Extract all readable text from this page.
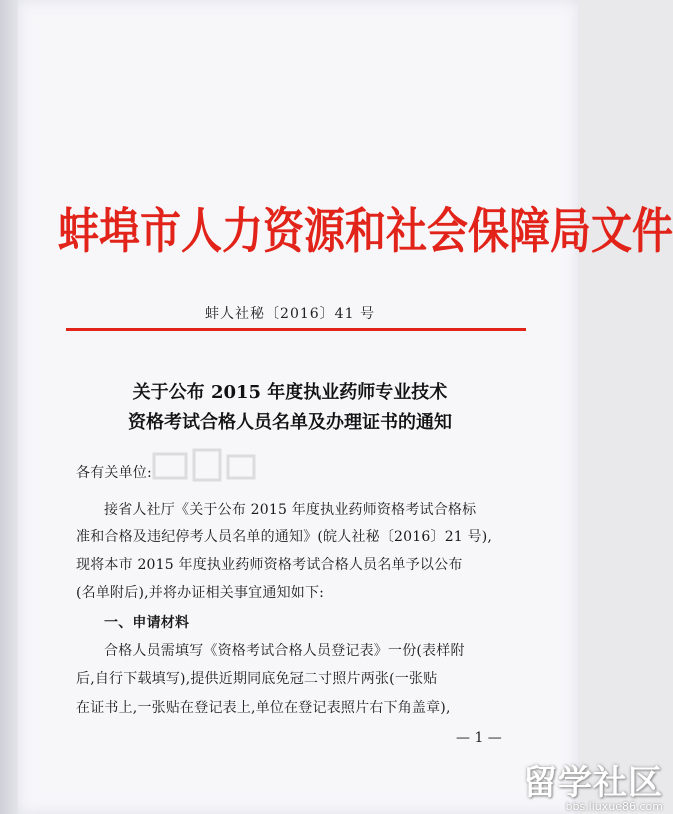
蚌埠市人力资源和社会保障局文件
蚌人社秘〔2016〕41 号
关于公布 2015 年度执业药师专业技术
资格考试合格人员名单及办理证书的通知
各有关单位:
接省人社厅《关于公布 2015 年度执业药师资格考试合格标
准和合格及违纪停考人员名单的通知》(皖人社秘〔2016〕21 号),
现将本市 2015 年度执业药师资格考试合格人员名单予以公布
(名单附后),并将办证相关事宜通知如下:
一、申请材料
合格人员需填写《资格考试合格人员登记表》一份(表样附
后,自行下载填写),提供近期同底免冠二寸照片两张(一张贴
在证书上,一张贴在登记表上,单位在登记表照片右下角盖章),
— 1 —
留学社区
bbs.liuxue86.com
